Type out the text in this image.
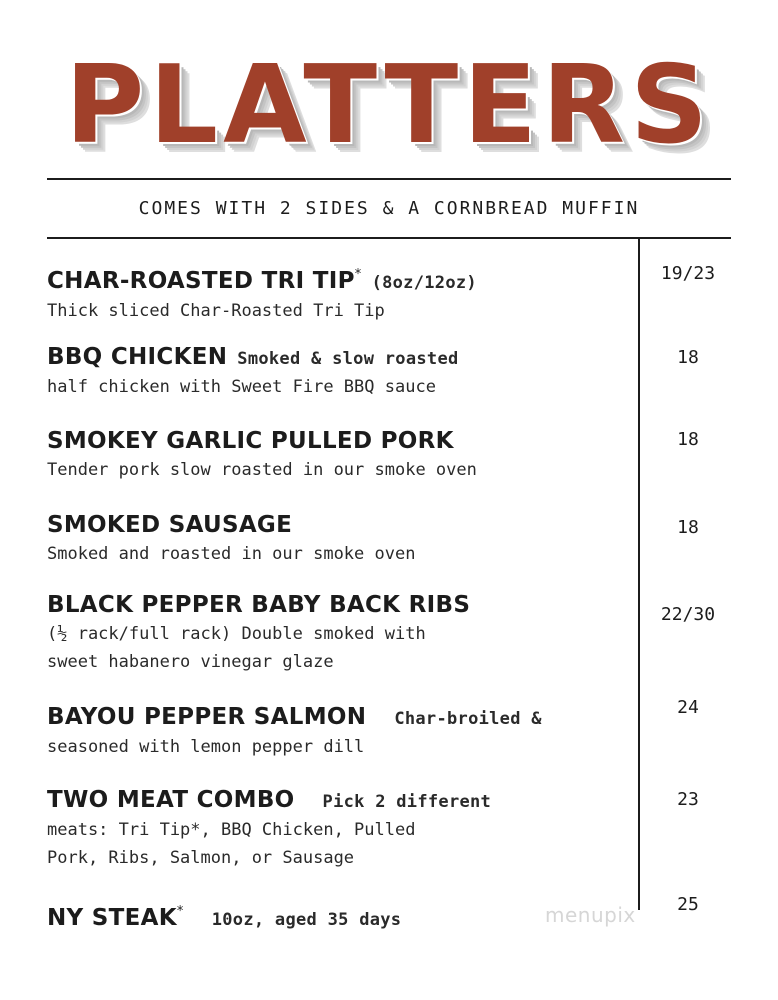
PLATTERS
COMES WITH 2 SIDES & A CORNBREAD MUFFIN
CHAR-ROASTED TRI TIP* (8oz/12oz)
Thick sliced Char-Roasted Tri Tip
19/23
BBQ CHICKEN Smoked & slow roasted
half chicken with Sweet Fire BBQ sauce
18
SMOKEY GARLIC PULLED PORK
Tender pork slow roasted in our smoke oven
18
SMOKED SAUSAGE
Smoked and roasted in our smoke oven
18
BLACK PEPPER BABY BACK RIBS
(½ rack/full rack) Double smoked with
sweet habanero vinegar glaze
22/30
BAYOU PEPPER SALMON Char-broiled &
seasoned with lemon pepper dill
24
TWO MEAT COMBO Pick 2 different
meats: Tri Tip*, BBQ Chicken, Pulled
Pork, Ribs, Salmon, or Sausage
23
NY STEAK* 10oz, aged 35 days
25
menupix
